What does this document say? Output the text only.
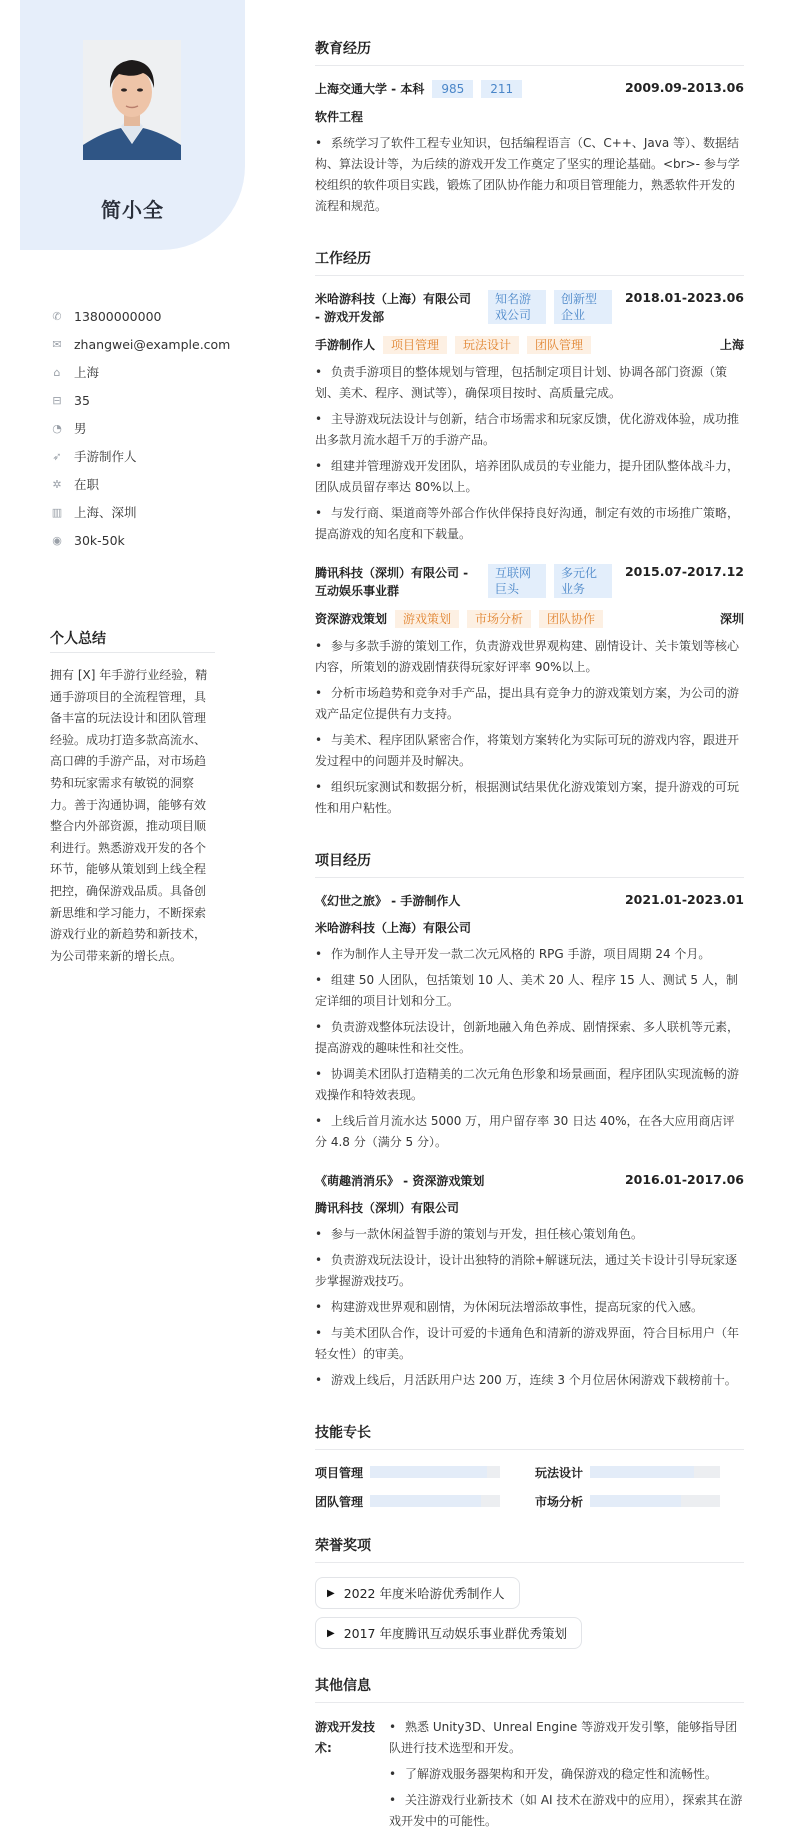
简小全
✆ 13800000000
✉ zhangwei@example.com
⌂ 上海
⊟ 35
◔ 男
➶ 手游制作人
✲ 在职
▥ 上海、深圳
◉ 30k-50k
个人总结

拥有 [X] 年手游行业经验，精通手游项目的全流程管理，具备丰富的玩法设计和团队管理经验。成功打造多款高流水、高口碑的手游产品，对市场趋势和玩家需求有敏锐的洞察力。善于沟通协调，能够有效整合内外部资源，推动项目顺利进行。熟悉游戏开发的各个环节，能够从策划到上线全程把控，确保游戏品质。具备创新思维和学习能力，不断探索游戏行业的新趋势和新技术，为公司带来新的增长点。

教育经历
上海交通大学 - 本科	985	211	2009.09-2013.06
软件工程
• 系统学习了软件工程专业知识，包括编程语言（C、C++、Java 等）、数据结构、算法设计等，为后续的游戏开发工作奠定了坚实的理论基础。<br>- 参与学校组织的软件项目实践，锻炼了团队协作能力和项目管理能力，熟悉软件开发的流程和规范。
工作经历
米哈游科技（上海）有限公司 - 游戏开发部
知名游戏公司
创新型企业
2018.01-2023.06
手游制作人	项目管理	玩法设计	团队管理	上海
• 负责手游项目的整体规划与管理，包括制定项目计划、协调各部门资源（策划、美术、程序、测试等），确保项目按时、高质量完成。
• 主导游戏玩法设计与创新，结合市场需求和玩家反馈，优化游戏体验，成功推出多款月流水超千万的手游产品。
• 组建并管理游戏开发团队，培养团队成员的专业能力，提升团队整体战斗力，团队成员留存率达 80%以上。
• 与发行商、渠道商等外部合作伙伴保持良好沟通，制定有效的市场推广策略，提高游戏的知名度和下载量。
腾讯科技（深圳）有限公司 - 互动娱乐事业群
互联网巨头
多元化业务
2015.07-2017.12
资深游戏策划	游戏策划	市场分析	团队协作	深圳
• 参与多款手游的策划工作，负责游戏世界观构建、剧情设计、关卡策划等核心内容，所策划的游戏剧情获得玩家好评率 90%以上。
• 分析市场趋势和竞争对手产品，提出具有竞争力的游戏策划方案，为公司的游戏产品定位提供有力支持。
• 与美术、程序团队紧密合作，将策划方案转化为实际可玩的游戏内容，跟进开发过程中的问题并及时解决。
• 组织玩家测试和数据分析，根据测试结果优化游戏策划方案，提升游戏的可玩性和用户粘性。
项目经历
《幻世之旅》 - 手游制作人	2021.01-2023.01
米哈游科技（上海）有限公司
• 作为制作人主导开发一款二次元风格的 RPG 手游，项目周期 24 个月。
• 组建 50 人团队，包括策划 10 人、美术 20 人、程序 15 人、测试 5 人，制定详细的项目计划和分工。
• 负责游戏整体玩法设计，创新地融入角色养成、剧情探索、多人联机等元素，提高游戏的趣味性和社交性。
• 协调美术团队打造精美的二次元角色形象和场景画面，程序团队实现流畅的游戏操作和特效表现。
• 上线后首月流水达 5000 万，用户留存率 30 日达 40%，在各大应用商店评分 4.8 分（满分 5 分）。
《萌趣消消乐》 - 资深游戏策划	2016.01-2017.06
腾讯科技（深圳）有限公司
• 参与一款休闲益智手游的策划与开发，担任核心策划角色。
• 负责游戏玩法设计，设计出独特的消除+解谜玩法，通过关卡设计引导玩家逐步掌握游戏技巧。
• 构建游戏世界观和剧情，为休闲玩法增添故事性，提高玩家的代入感。
• 与美术团队合作，设计可爱的卡通角色和清新的游戏界面，符合目标用户（年轻女性）的审美。
• 游戏上线后，月活跃用户达 200 万，连续 3 个月位居休闲游戏下载榜前十。
技能专长
项目管理	玩法设计
团队管理	市场分析
荣誉奖项
▶ 2022 年度米哈游优秀制作人
▶ 2017 年度腾讯互动娱乐事业群优秀策划
其他信息
游戏开发技术:
• 熟悉 Unity3D、Unreal Engine 等游戏开发引擎，能够指导团队进行技术选型和开发。
• 了解游戏服务器架构和开发，确保游戏的稳定性和流畅性。
• 关注游戏行业新技术（如 AI 技术在游戏中的应用），探索其在游戏开发中的可能性。
